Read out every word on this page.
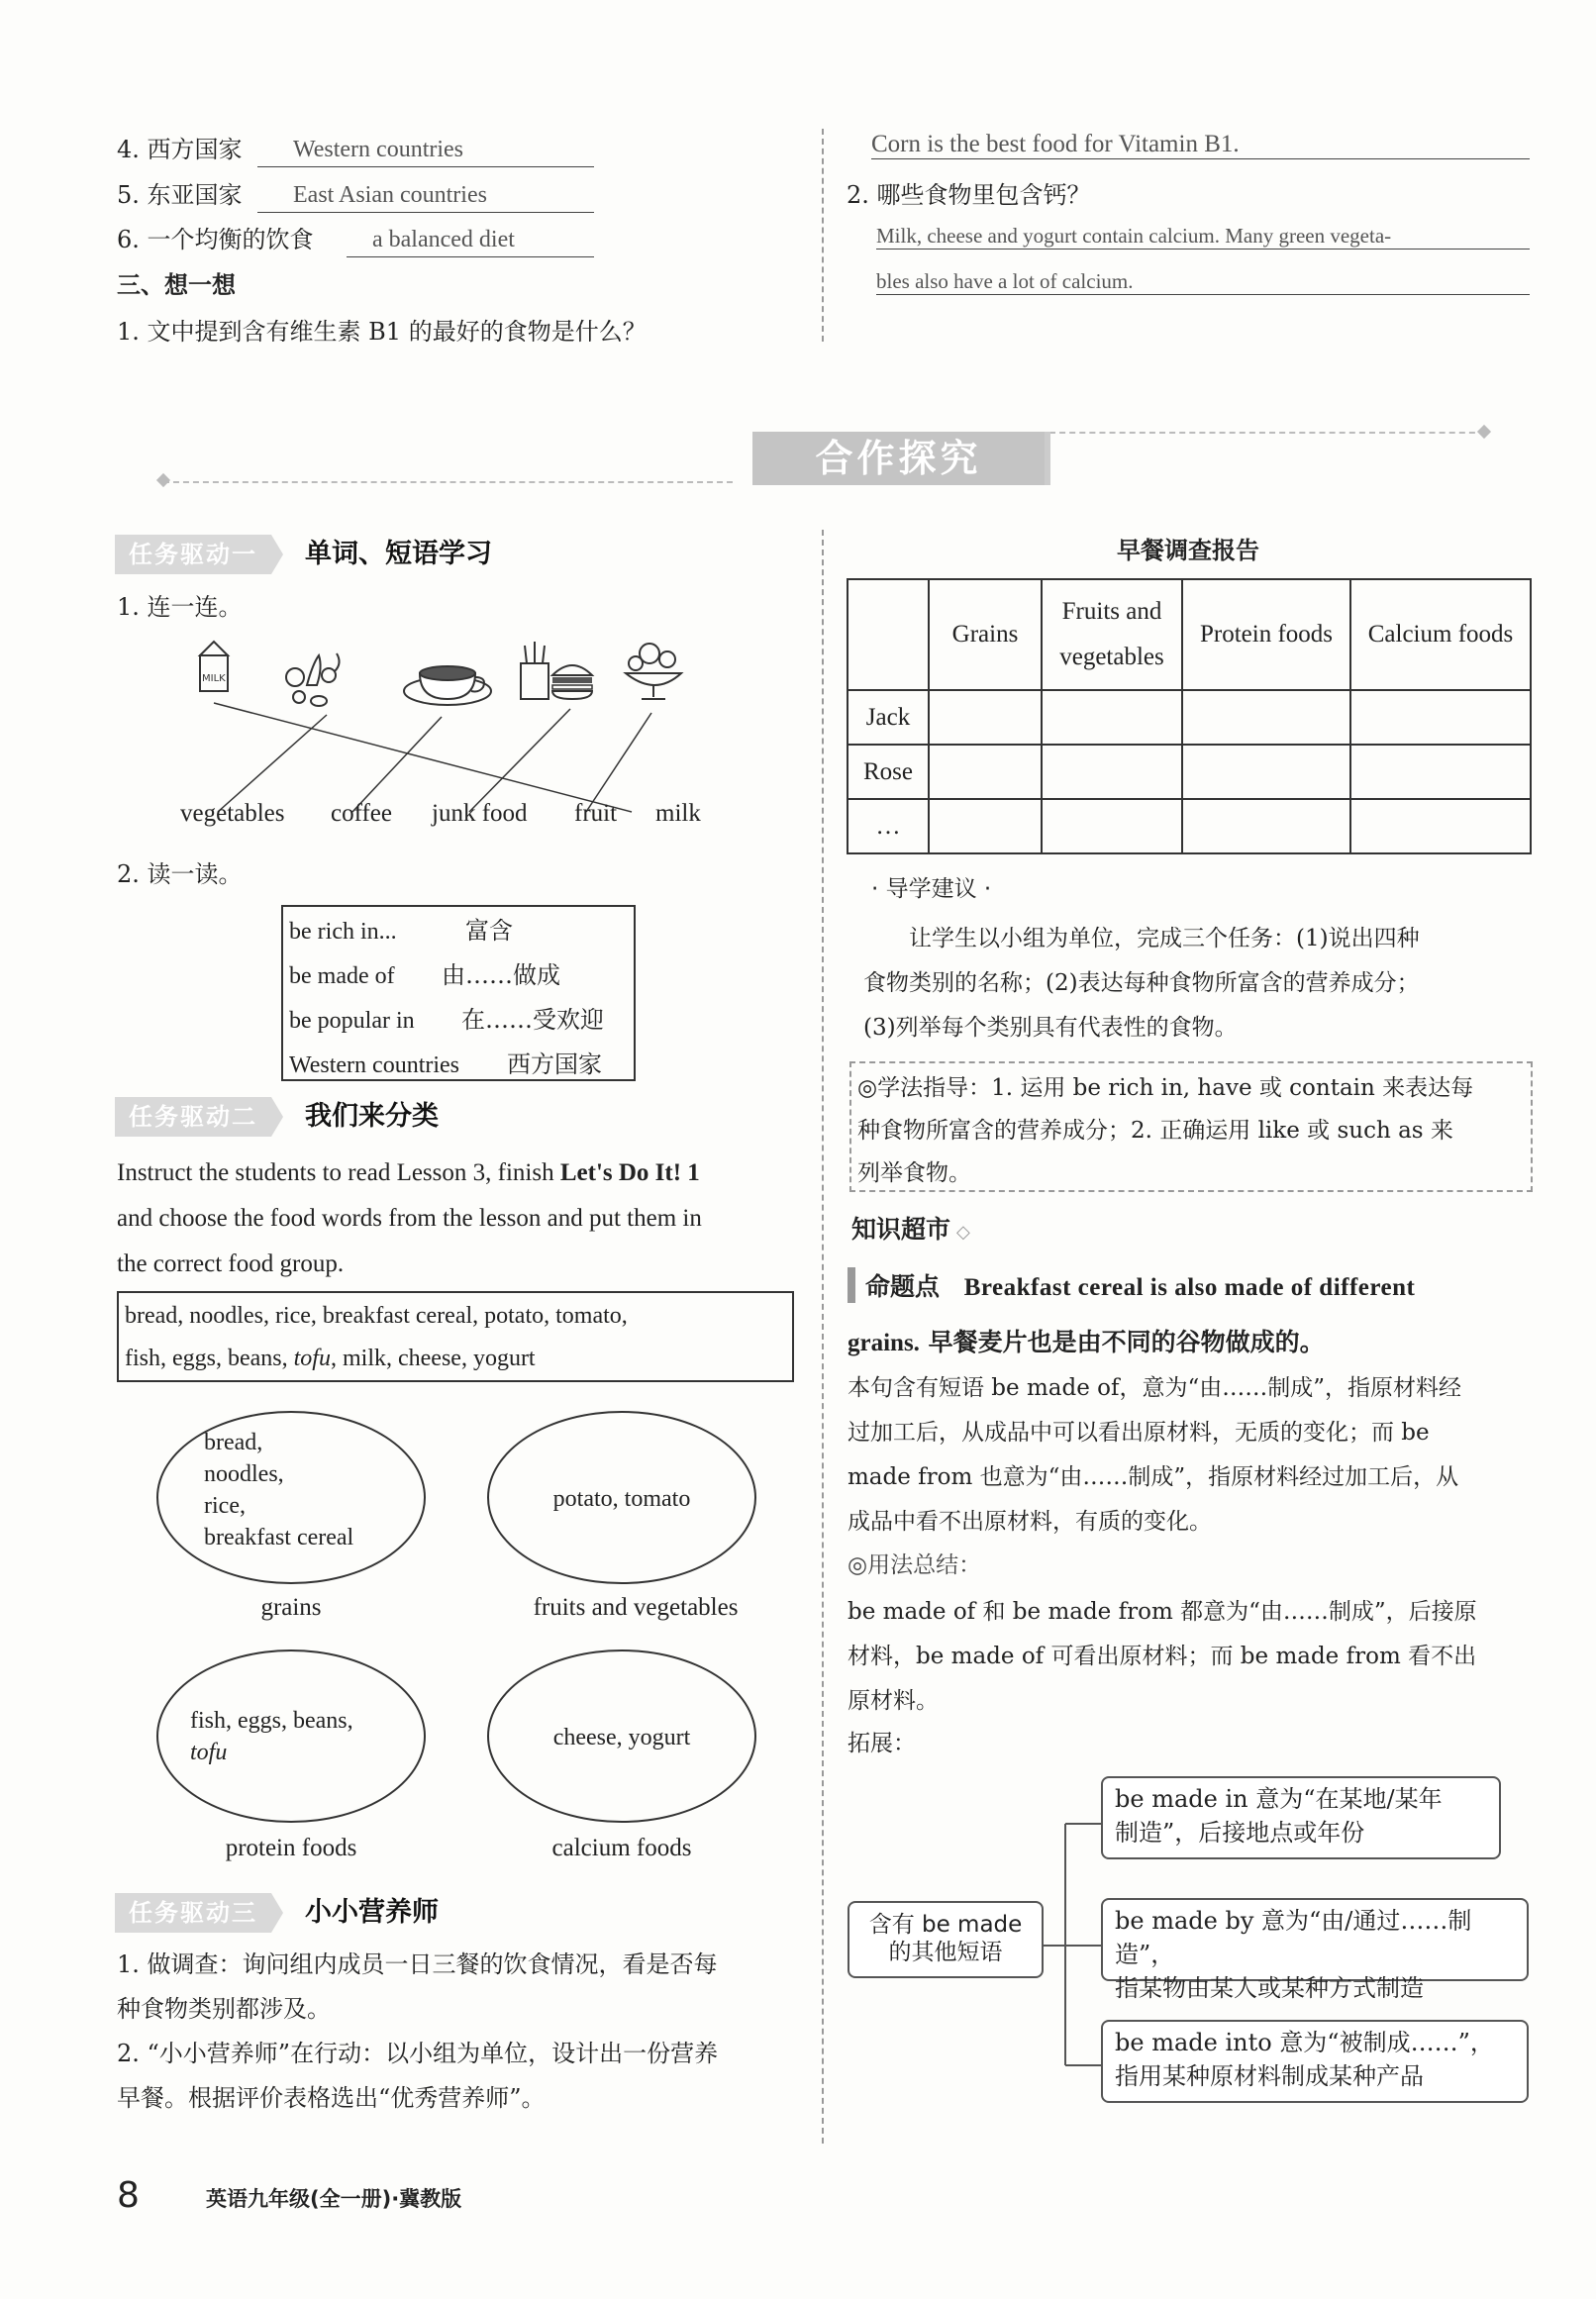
4. 西方国家	Western countries
5. 东亚国家	East Asian countries
6. 一个均衡的饮食	a balanced diet
三、想一想
1. 文中提到含有维生素 B1 的最好的食物是什么？
Corn is the best food for Vitamin B1.
2. 哪些食物里包含钙？
Milk, cheese and yogurt contain calcium. Many green vegeta-
bles also have a lot of calcium.
合作探究
任务驱动一	单词、短语学习
1. 连一连。
MILK
vegetables coffee junk food fruit milk
2. 读一读。
be rich in...	富含
be made of 由……做成
be popular in 在……受欢迎
Western countries 西方国家
任务驱动二	我们来分类
Instruct the students to read Lesson 3, finish Let's Do It! 1
and choose the food words from the lesson and put them in
the correct food group.
bread, noodles, rice, breakfast cereal, potato, tomato,
fish, eggs, beans, tofu, milk, cheese, yogurt
bread,
noodles,
rice,
breakfast cereal
grains
potato, tomato
fruits and vegetables
fish, eggs, beans,
tofu
protein foods
cheese, yogurt
calcium foods
任务驱动三	小小营养师
1. 做调查：询问组内成员一日三餐的饮食情况，看是否每
种食物类别都涉及。
2. “小小营养师”在行动：以小组为单位，设计出一份营养
早餐。根据评价表格选出“优秀营养师”。
早餐调查报告
	Grains	Fruits and vegetables	Protein foods	Calcium foods
Jack				
Rose				
…				
· 导学建议 ·
让学生以小组为单位，完成三个任务：(1)说出四种
食物类别的名称；(2)表达每种食物所富含的营养成分；
(3)列举每个类别具有代表性的食物。
◎学法指导：1. 运用 be rich in, have 或 contain 来表达每
种食物所富含的营养成分；2. 正确运用 like 或 such as 来
列举食物。
知识超市 ◇
命题点 Breakfast cereal is also made of different
grains. 早餐麦片也是由不同的谷物做成的。
本句含有短语 be made of，意为“由……制成”，指原材料经
过加工后，从成品中可以看出原材料，无质的变化；而 be
made from 也意为“由……制成”，指原材料经过加工后，从
成品中看不出原材料，有质的变化。
◎用法总结：
be made of 和 be made from 都意为“由……制成”，后接原
材料，be made of 可看出原材料；而 be made from 看不出
原材料。
拓展：
含有 be made 的其他短语
be made in 意为“在某地/某年
制造”，后接地点或年份
be made by 意为“由/通过……制造”，
指某物由某人或某种方式制造
be made into 意为“被制成……”，
指用某种原材料制成某种产品
8	英语九年级(全一册)·冀教版
